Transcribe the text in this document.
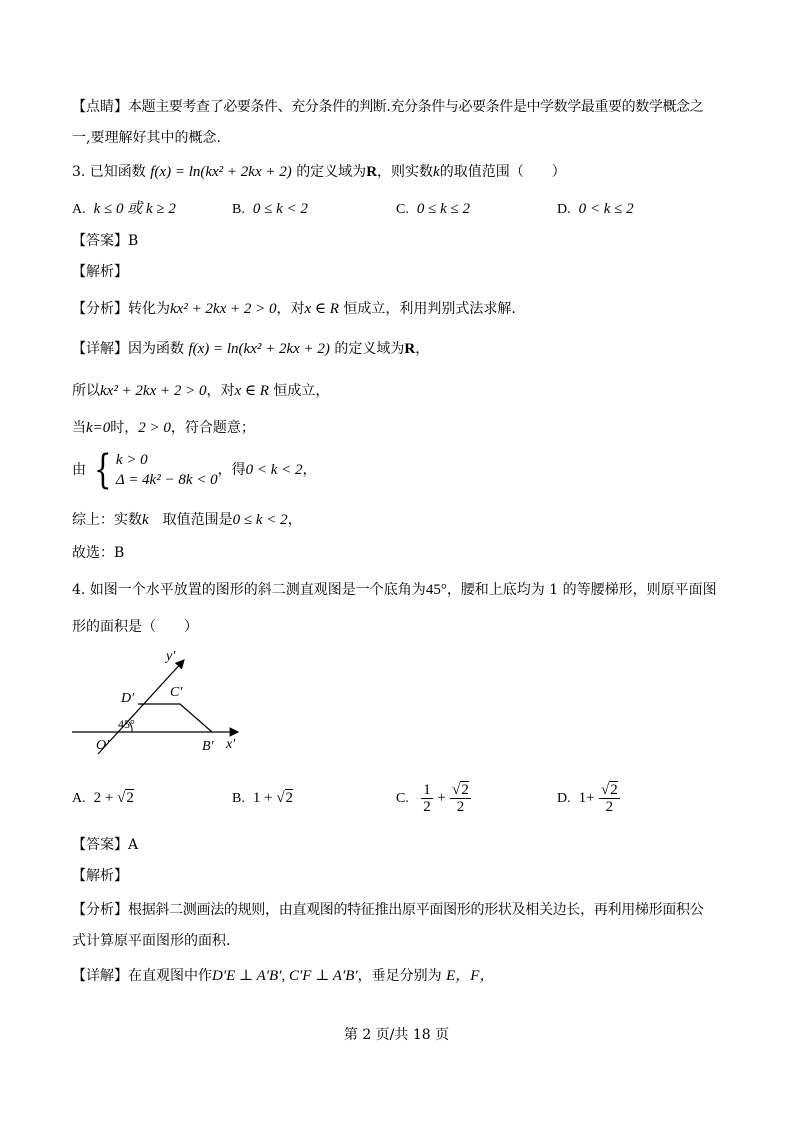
【点睛】本题主要考查了必要条件、充分条件的判断.充分条件与必要条件是中学数学最重要的数学概念之
一,要理解好其中的概念.
3. 已知函数 f(x) = ln(kx² + 2kx + 2) 的定义域为R，则实数k的取值范围（　　）
A. k ≤ 0 或 k ≥ 2	B. 0 ≤ k < 2	C. 0 ≤ k ≤ 2	D. 0 < k ≤ 2
【答案】B
【解析】
【分析】转化为kx² + 2kx + 2 > 0，对x ∈ R 恒成立，利用判别式法求解.
【详解】因为函数 f(x) = ln(kx² + 2kx + 2) 的定义域为R，
所以kx² + 2kx + 2 > 0，对x ∈ R 恒成立，
当k=0时，2 > 0，符合题意；
由 { k > 0
Δ = 4k² − 8k < 0
，得0 < k < 2，
综上：实数k　取值范围是0 ≤ k < 2，
故选：B
4. 如图一个水平放置的图形的斜二测直观图是一个底角为45°，腰和上底均为 1 的等腰梯形，则原平面图
形的面积是（　　）
y′
x′
D′	C′
O′	B′
45°
A. 2 + √2	B. 1 + √2	C. $\frac{1}{2} + \frac{√2}{2}$	D. $1+ \frac{√2}{2}$
【答案】A
【解析】
【分析】根据斜二测画法的规则，由直观图的特征推出原平面图形的形状及相关边长，再利用梯形面积公
式计算原平面图形的面积．
【详解】在直观图中作D′E ⊥ A′B′, C′F ⊥ A′B′，垂足分别为 E，F，
第 2 页/共 18 页
